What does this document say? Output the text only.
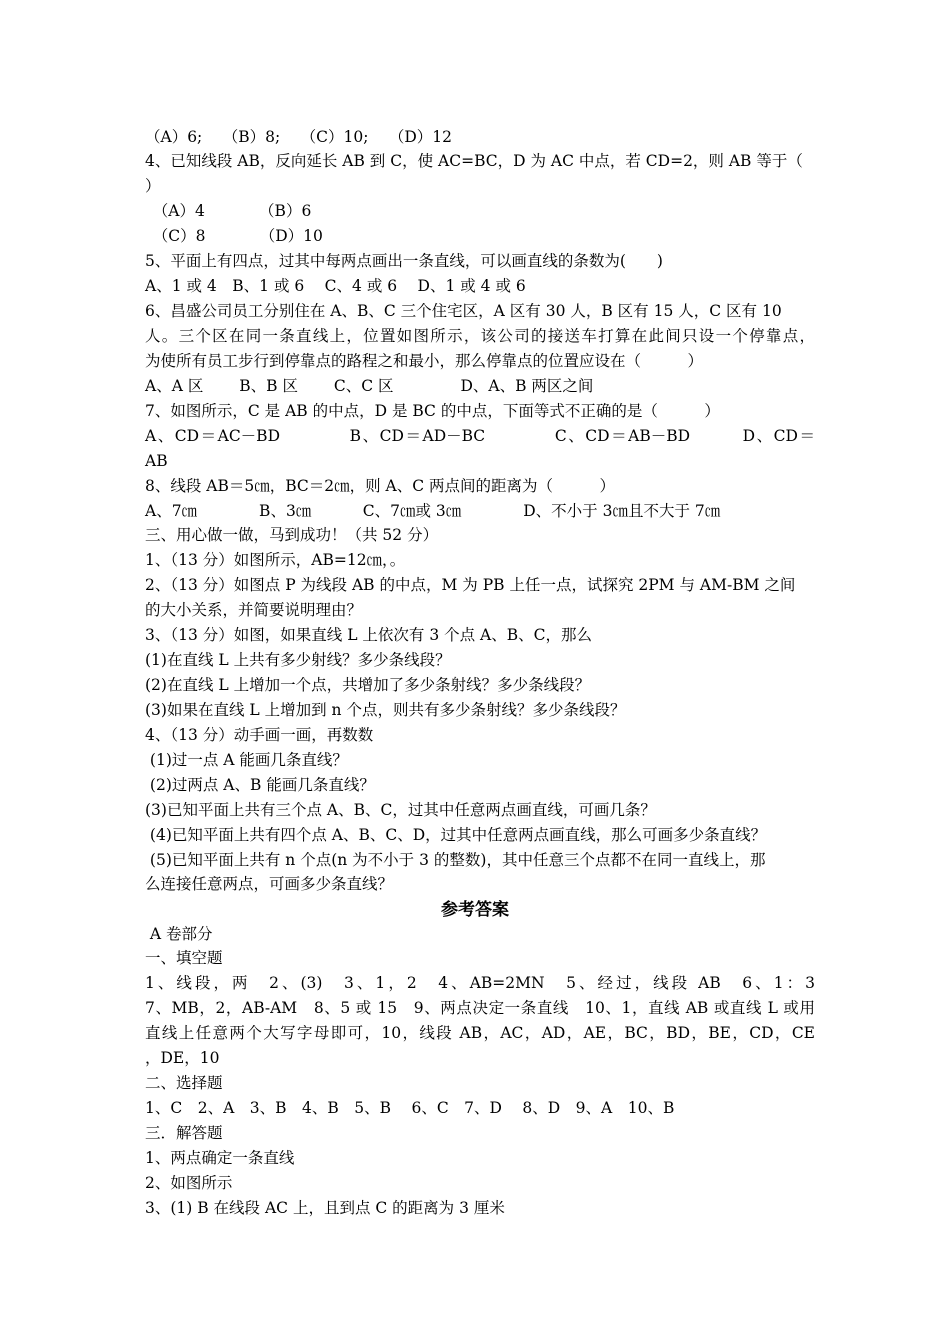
（A）6;　 （B）8;　 （C）10;　 （D）12
4、已知线段 AB，反向延长 AB 到 C，使 AC=BC，D 为 AC 中点，若 CD=2，则 AB 等于（
）
　（A）4　　　　（B）6
　（C）8　　　　（D）10
5、平面上有四点，过其中每两点画出一条直线，可以画直线的条数为(　　)
A、1 或 4　B、1 或 6　 C、4 或 6　 D、1 或 4 或 6
6、昌盛公司员工分别住在 A、B、C 三个住宅区，A 区有 30 人，B 区有 15 人，C 区有 10
人。三个区在同一条直线上，位置如图所示，该公司的接送车打算在此间只设一个停靠点，
为使所有员工步行到停靠点的路程之和最小，那么停靠点的位置应设在（　　　）
A、A 区　　 B、B 区　　 C、C 区　　　　 D、A、B 两区之间
7、如图所示，C 是 AB 的中点，D 是 BC 的中点，下面等式不正确的是（　　　）
A、CD＝AC－BD　　　　B、CD＝AD－BC　　　　C、CD＝AB－BD　　　D、CD＝
AB
8、线段 AB＝5㎝，BC＝2㎝，则 A、C 两点间的距离为（　　　）
A、7㎝　　　　B、3㎝　　　 C、7㎝或 3㎝　　　　D、不小于 3㎝且不大于 7㎝
三、用心做一做，马到成功！（共 52 分）
1、（13 分）如图所示，AB=12㎝，。
2、（13 分）如图点 P 为线段 AB 的中点，M 为 PB 上任一点，试探究 2PM 与 AM-BM 之间
的大小关系，并简要说明理由？
3、（13 分）如图，如果直线 L 上依次有 3 个点 A、B、C，那么
(1)在直线 L 上共有多少射线？多少条线段？
(2)在直线 L 上增加一个点，共增加了多少条射线？多少条线段？
(3)如果在直线 L 上增加到 n 个点，则共有多少条射线？多少条线段？
4、（13 分）动手画一画，再数数
(1)过一点 A 能画几条直线？
(2)过两点 A、B 能画几条直线？
(3)已知平面上共有三个点 A、B、C，过其中任意两点画直线，可画几条？
(4)已知平面上共有四个点 A、B、C、D，过其中任意两点画直线，那么可画多少条直线？
(5)已知平面上共有 n 个点(n 为不小于 3 的整数)，其中任意三个点都不在同一直线上，那
么连接任意两点，可画多少条直线？
参考答案
A 卷部分
一、填空题
1、线段，两　2、(3)　3、1，2　4、AB=2MN　5、经过，线段 AB　6、1：3
7、MB，2，AB-AM　8、5 或 15　9、两点决定一条直线　10、1，直线 AB 或直线 L 或用
直线上任意两个大写字母即可，10，线段 AB，AC，AD，AE，BC，BD，BE，CD，CE
，DE，10
二、选择题
1、C　2、A　3、B　4、B　5、B　 6、C　7、D　 8、D　9、A　10、B
三．解答题
1、两点确定一条直线
2、如图所示
3、(1) B 在线段 AC 上，且到点 C 的距离为 3 厘米
